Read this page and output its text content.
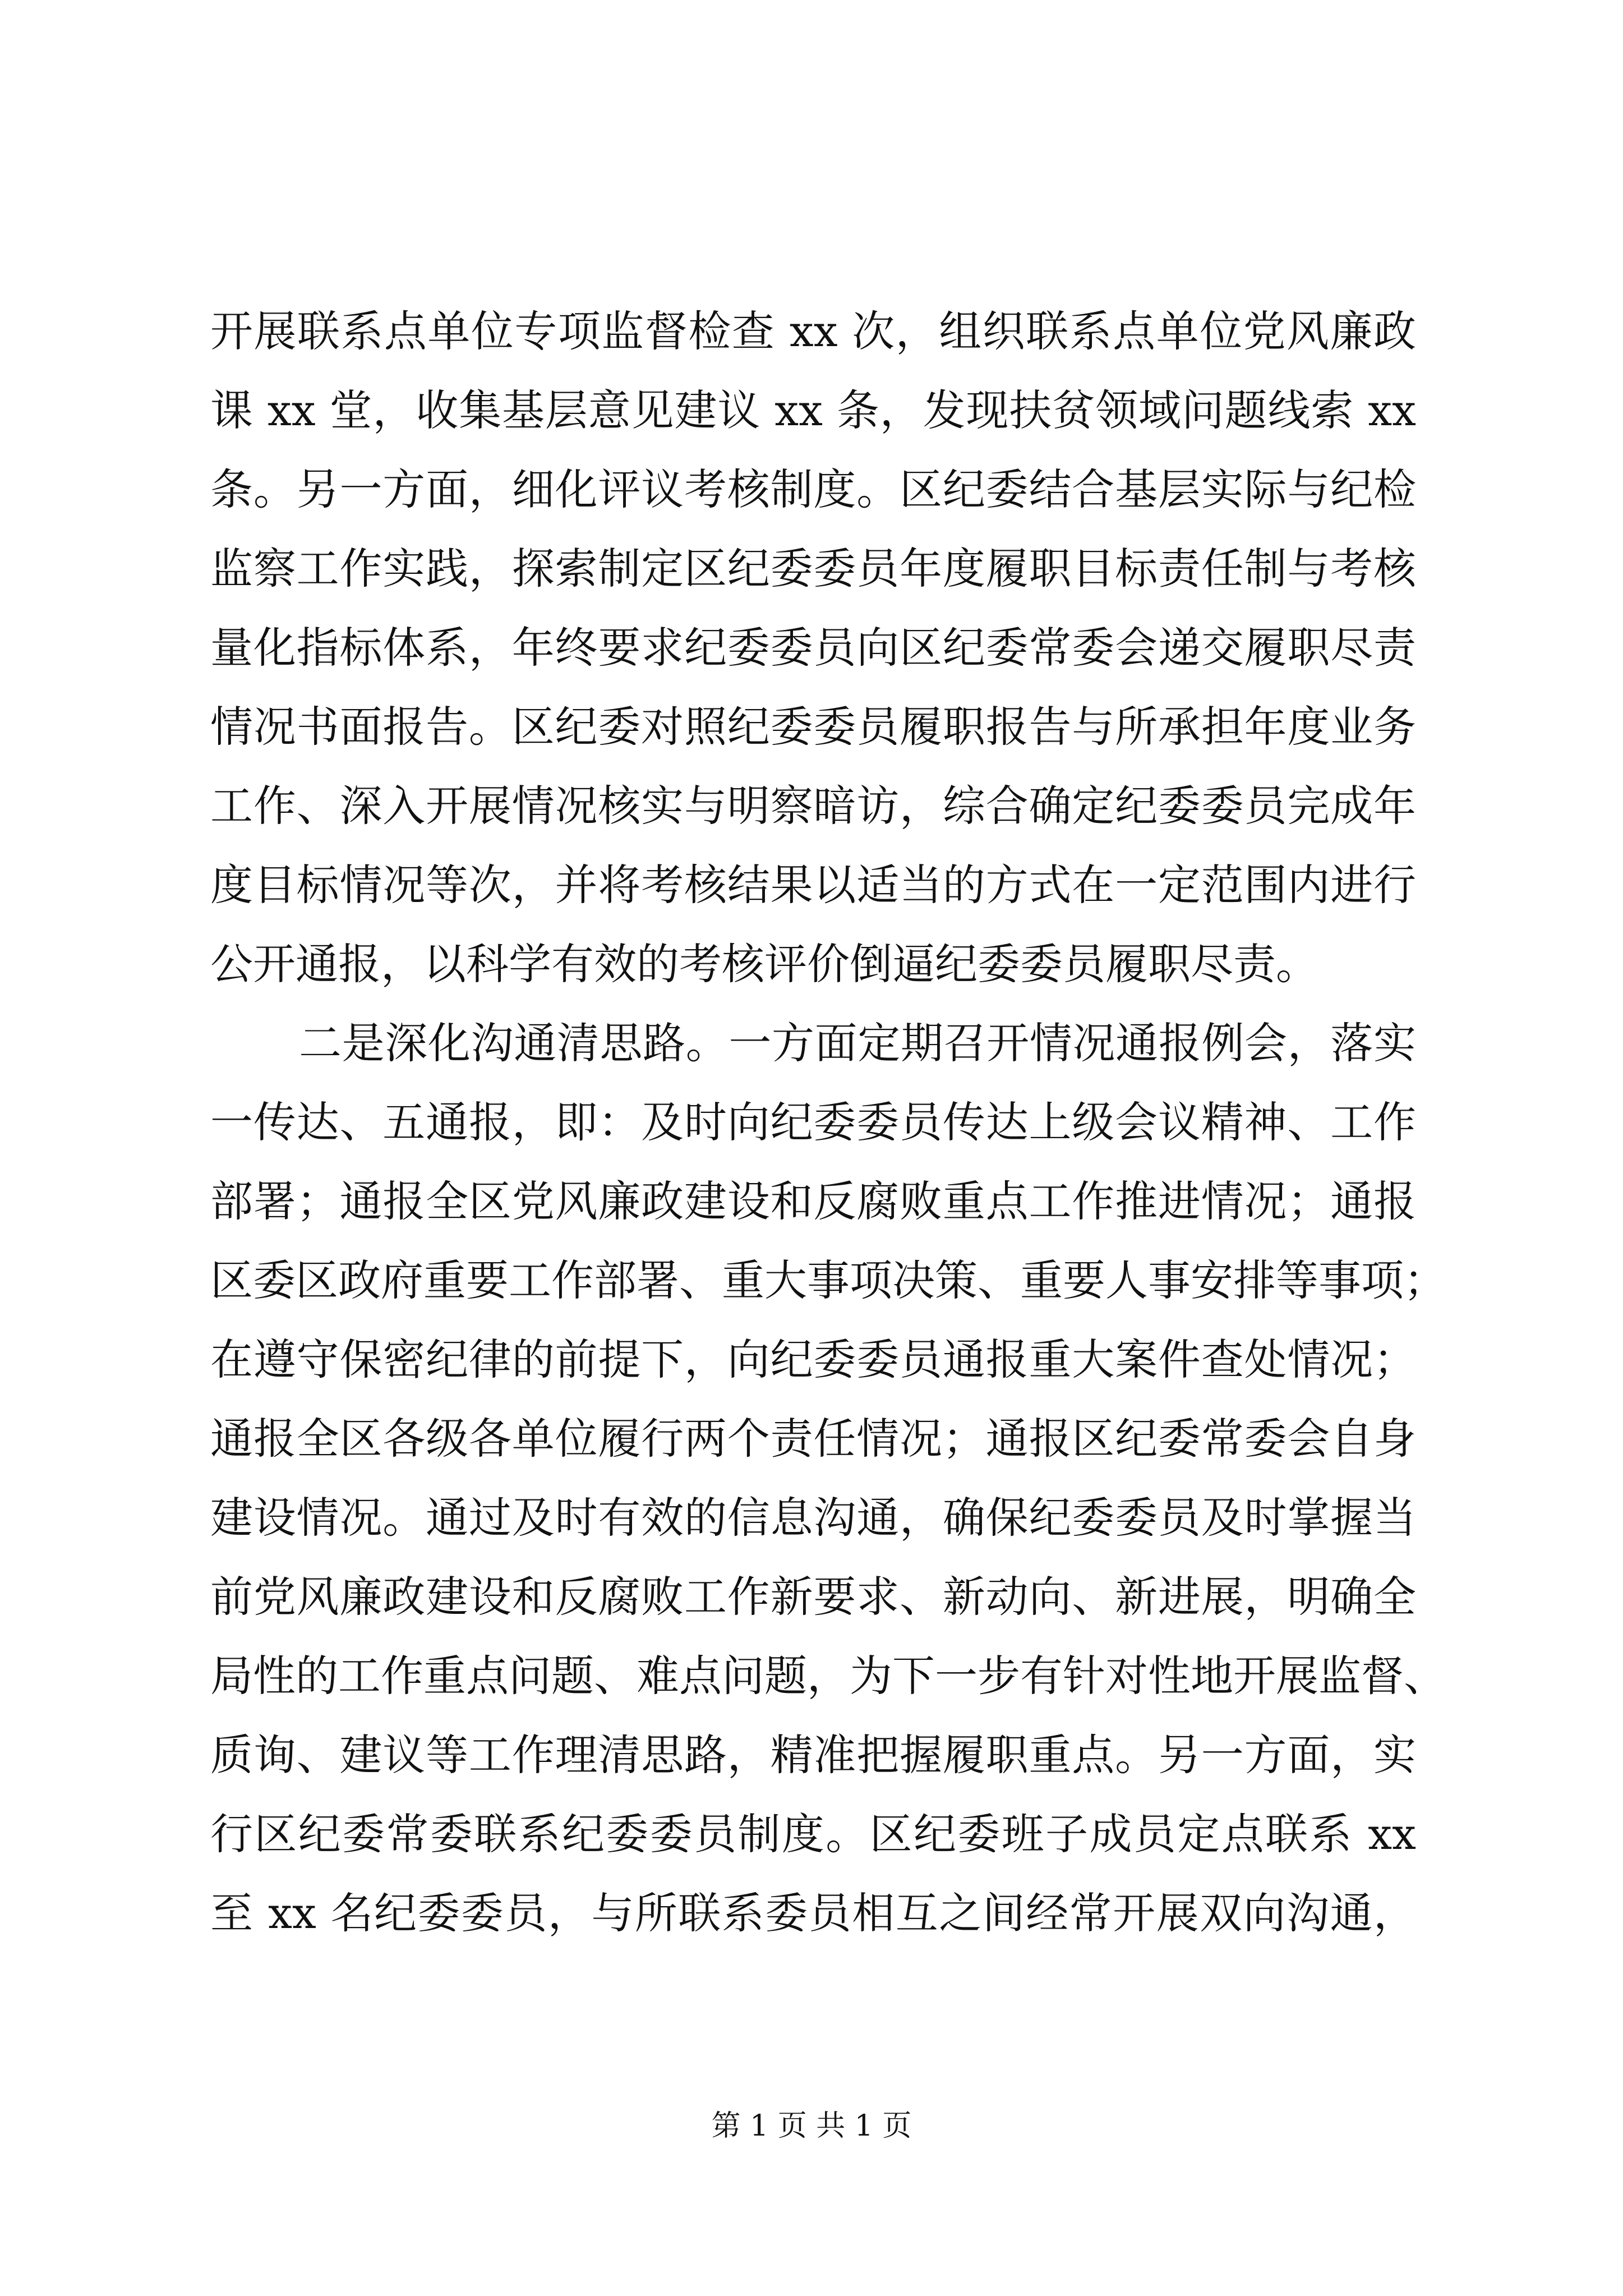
开展联系点单位专项监督检查 xx 次，组织联系点单位党风廉政
课 xx 堂，收集基层意见建议 xx 条，发现扶贫领域问题线索 xx
条。另一方面，细化评议考核制度。区纪委结合基层实际与纪检
监察工作实践，探索制定区纪委委员年度履职目标责任制与考核
量化指标体系，年终要求纪委委员向区纪委常委会递交履职尽责
情况书面报告。区纪委对照纪委委员履职报告与所承担年度业务
工作、深入开展情况核实与明察暗访，综合确定纪委委员完成年
度目标情况等次，并将考核结果以适当的方式在一定范围内进行
公开通报，以科学有效的考核评价倒逼纪委委员履职尽责。
二是深化沟通清思路。一方面定期召开情况通报例会，落实
一传达、五通报，即：及时向纪委委员传达上级会议精神、工作
部署；通报全区党风廉政建设和反腐败重点工作推进情况；通报
区委区政府重要工作部署、重大事项决策、重要人事安排等事项；
在遵守保密纪律的前提下，向纪委委员通报重大案件查处情况；
通报全区各级各单位履行两个责任情况；通报区纪委常委会自身
建设情况。通过及时有效的信息沟通，确保纪委委员及时掌握当
前党风廉政建设和反腐败工作新要求、新动向、新进展，明确全
局性的工作重点问题、难点问题，为下一步有针对性地开展监督、
质询、建议等工作理清思路，精准把握履职重点。另一方面，实
行区纪委常委联系纪委委员制度。区纪委班子成员定点联系 xx
至 xx 名纪委委员，与所联系委员相互之间经常开展双向沟通，
第 1 页 共 1 页
